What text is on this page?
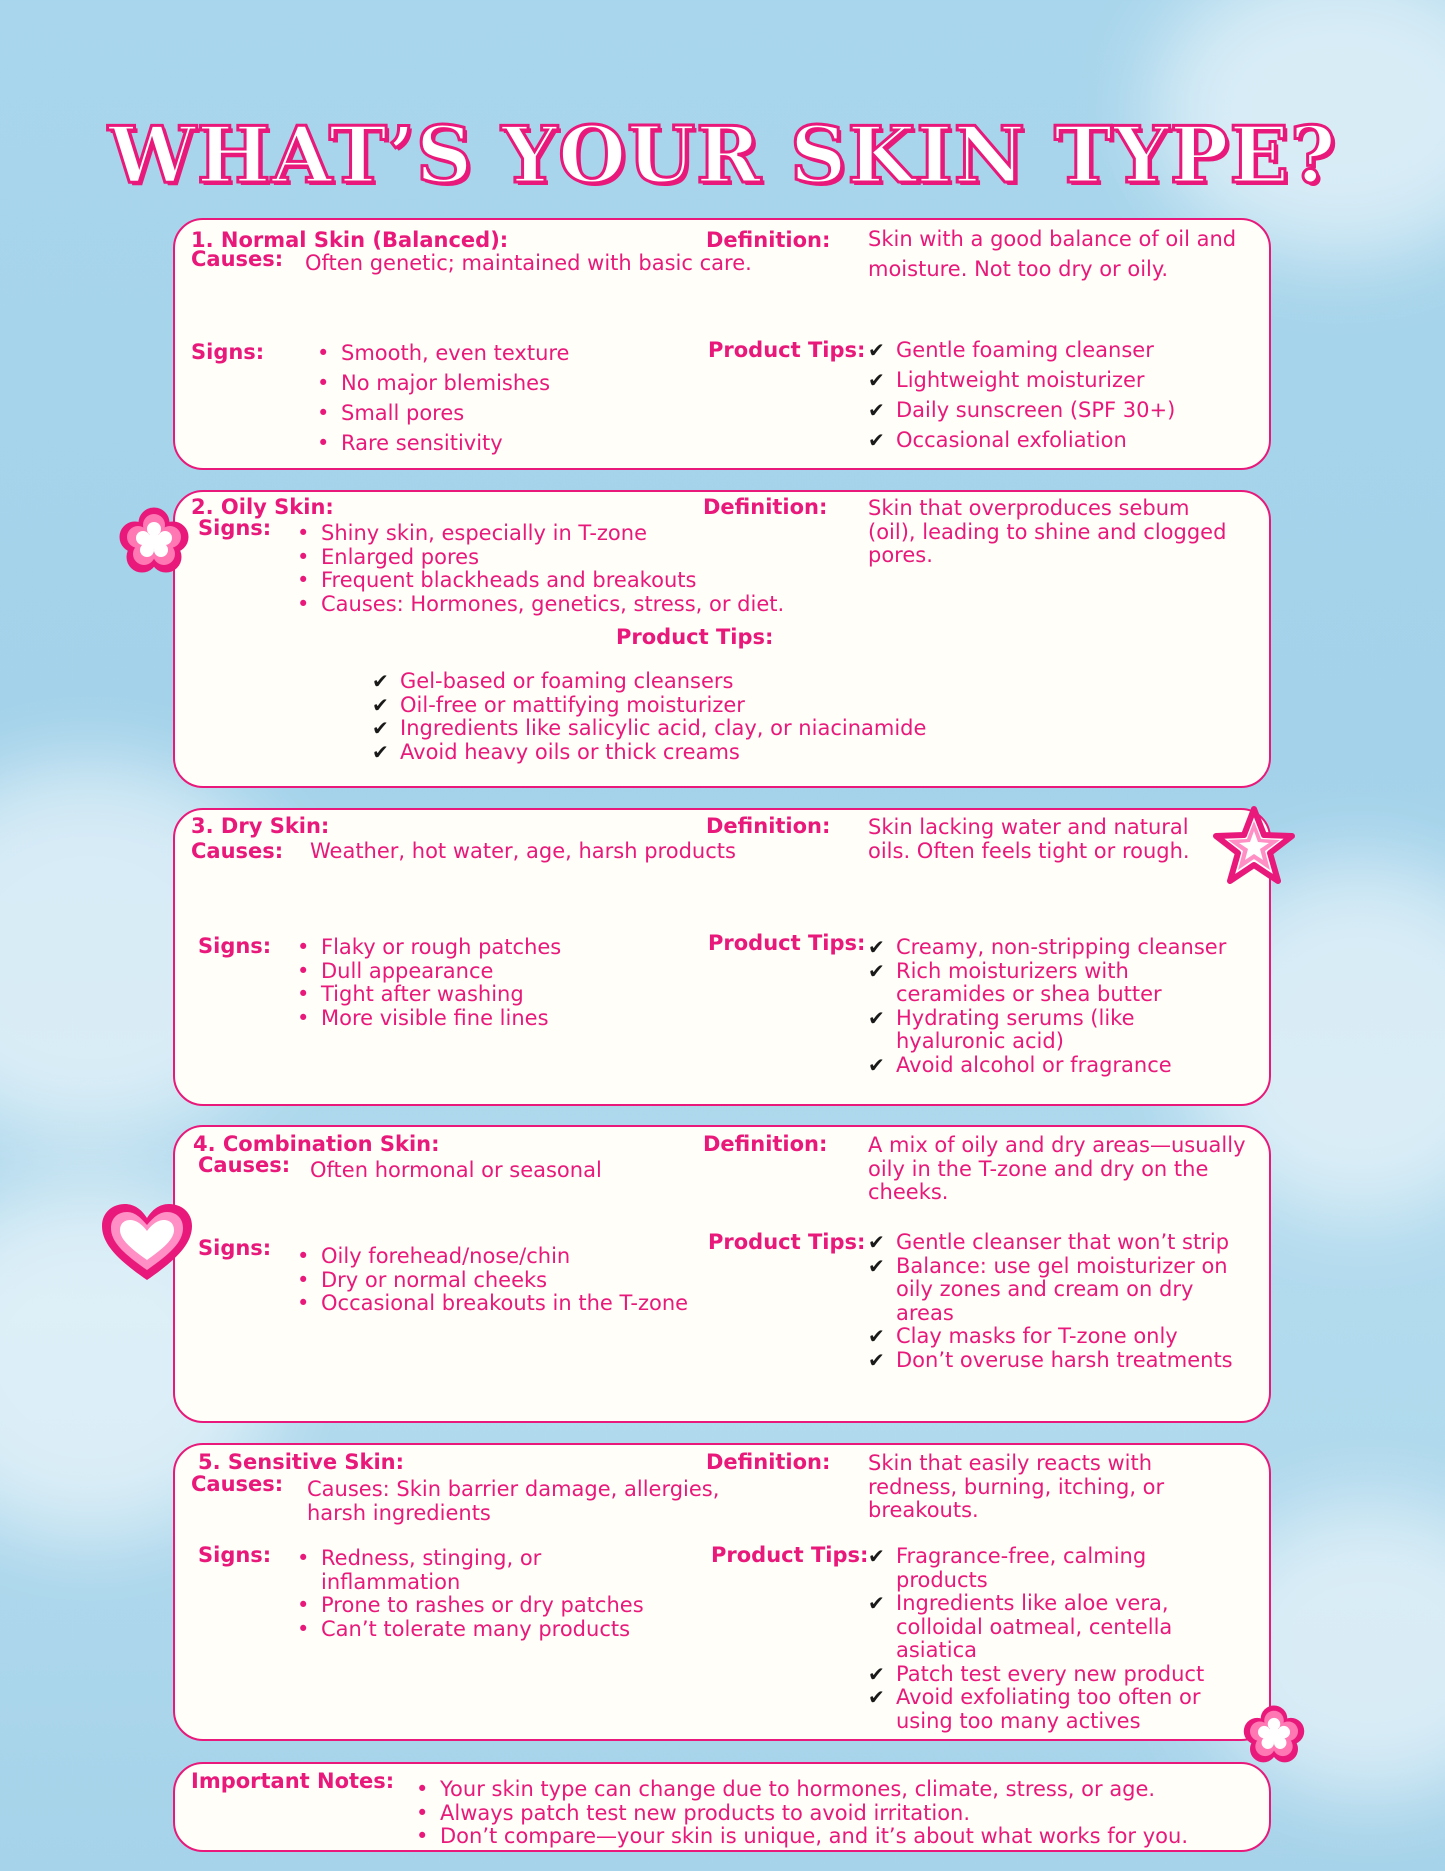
WHAT’S YOUR SKIN TYPE?
1. Normal Skin (Balanced):
Causes: Often genetic; maintained with basic care.
Definition: Skin with a good balance of oil and moisture. Not too dry or oily.
Signs:	• Smooth, even texture
• No major blemishes
• Small pores
• Rare sensitivity
Product Tips:	✔ Gentle foaming cleanser
✔ Lightweight moisturizer
✔ Daily sunscreen (SPF 30+)
✔ Occasional exfoliation
2. Oily Skin:
Signs:	• Shiny skin, especially in T-zone
• Enlarged pores
• Frequent blackheads and breakouts
• Causes: Hormones, genetics, stress, or diet.
Definition: Skin that overproduces sebum (oil), leading to shine and clogged pores.
Product Tips:
✔ Gel-based or foaming cleansers
✔ Oil-free or mattifying moisturizer
✔ Ingredients like salicylic acid, clay, or niacinamide
✔ Avoid heavy oils or thick creams
3. Dry Skin:
Causes: Weather, hot water, age, harsh products
Definition: Skin lacking water and natural oils. Often feels tight or rough.
Signs:	• Flaky or rough patches
• Dull appearance
• Tight after washing
• More visible fine lines
Product Tips:	✔ Creamy, non-stripping cleanser
✔ Rich moisturizers with ceramides or shea butter
✔ Hydrating serums (like hyaluronic acid)
✔ Avoid alcohol or fragrance
4. Combination Skin:
Causes: Often hormonal or seasonal
Definition: A mix of oily and dry areas—usually oily in the T-zone and dry on the cheeks.
Signs:	• Oily forehead/nose/chin
• Dry or normal cheeks
• Occasional breakouts in the T-zone
Product Tips:	✔ Gentle cleanser that won’t strip
✔ Balance: use gel moisturizer on oily zones and cream on dry areas
✔ Clay masks for T-zone only
✔ Don’t overuse harsh treatments
5. Sensitive Skin:
Causes: Causes: Skin barrier damage, allergies, harsh ingredients
Definition: Skin that easily reacts with redness, burning, itching, or breakouts.
Signs:	• Redness, stinging, or inflammation
• Prone to rashes or dry patches
• Can’t tolerate many products
Product Tips:	✔ Fragrance-free, calming products
✔ Ingredients like aloe vera, colloidal oatmeal, centella asiatica
✔ Patch test every new product
✔ Avoid exfoliating too often or using too many actives
Important Notes:	• Your skin type can change due to hormones, climate, stress, or age.
• Always patch test new products to avoid irritation.
• Don’t compare—your skin is unique, and it’s about what works for you.
